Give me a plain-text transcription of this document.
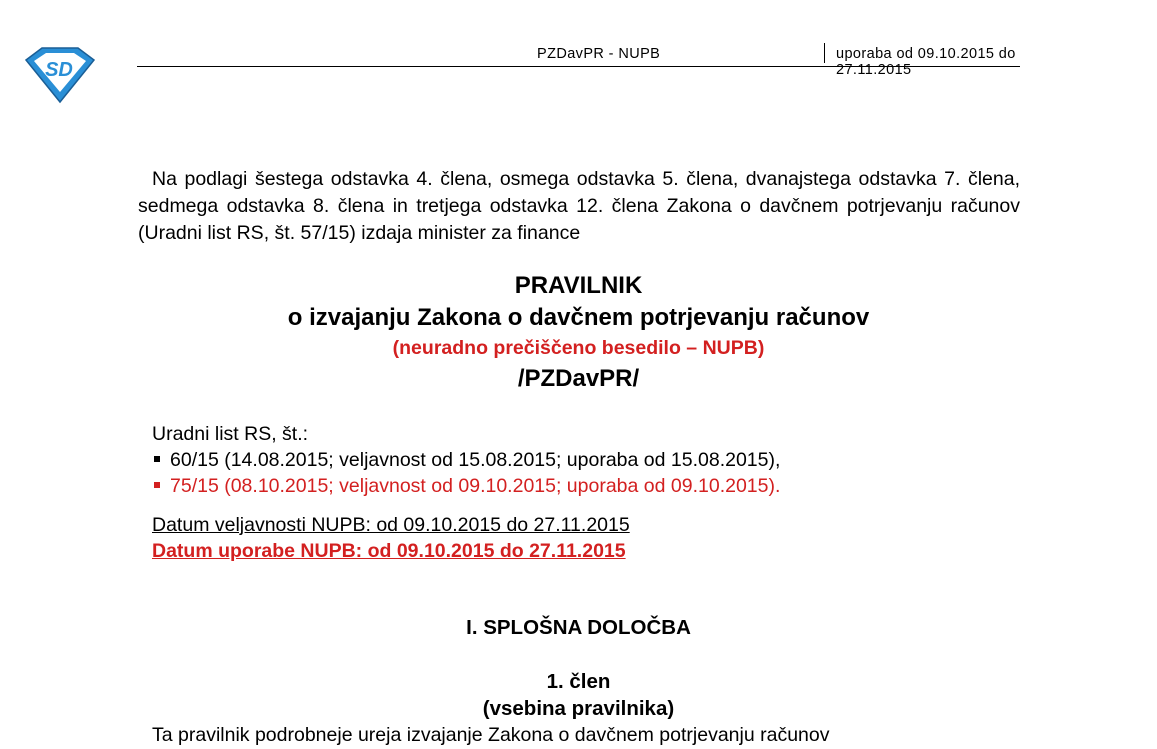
SD
PZDavPR - NUPB	uporaba od 09.10.2015 do 27.11.2015
Na podlagi šestega odstavka 4. člena, osmega odstavka 5. člena, dvanajstega odstavka 7. člena, sedmega odstavka 8. člena in tretjega odstavka 12. člena Zakona o davčnem potrjevanju računov (Uradni list RS, št. 57/15) izdaja minister za finance
PRAVILNIK
o izvajanju Zakona o davčnem potrjevanju računov
(neuradno prečiščeno besedilo – NUPB)
/PZDavPR/
Uradni list RS, št.:
60/15 (14.08.2015; veljavnost od 15.08.2015; uporaba od 15.08.2015),
75/15 (08.10.2015; veljavnost od 09.10.2015; uporaba od 09.10.2015).
Datum veljavnosti NUPB: od 09.10.2015 do 27.11.2015
Datum uporabe NUPB: od 09.10.2015 do 27.11.2015
I. SPLOŠNA DOLOČBA
1. člen
(vsebina pravilnika)
Ta pravilnik podrobneje ureja izvajanje Zakona o davčnem potrjevanju računov
